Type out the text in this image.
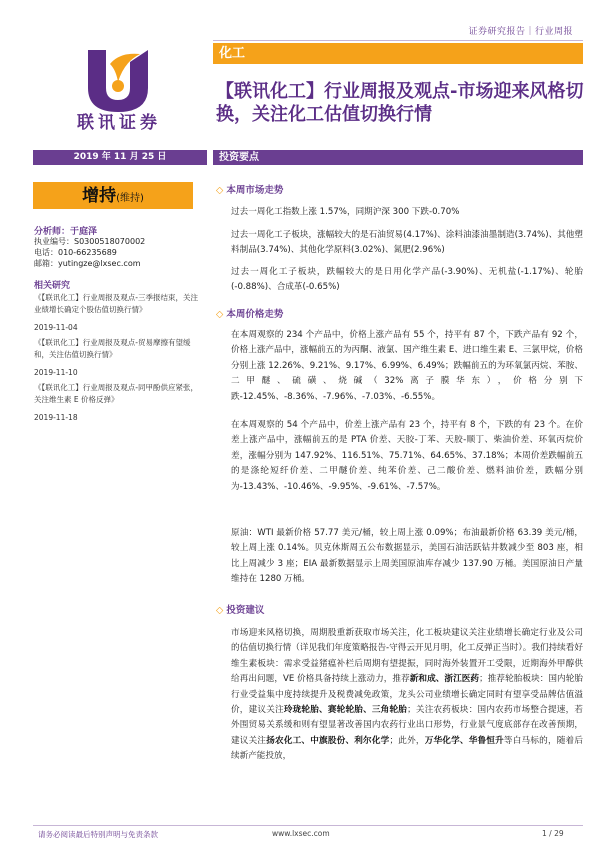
证券研究报告｜行业周报
化工
联讯证券
【联讯化工】行业周报及观点-市场迎来风格切换，关注化工估值切换行情
2019 年 11 月 25 日	投资要点
增持(维持)
分析师：于庭泽
执业编号：S0300518070002
电话：010-66235689
邮箱：yutingze@lxsec.com
相关研究
《【联讯化工】行业周报及观点-三季报结束，关注业绩增长确定个股估值切换行情》
2019-11-04
《【联讯化工】行业周报及观点-贸易摩擦有望缓和，关注估值切换行情》
2019-11-10
《【联讯化工】行业周报及观点-同甲酚供应紧张，关注维生素 E 价格反弹》
2019-11-18
◇ 本周市场走势
过去一周化工指数上涨 1.57%，同期沪深 300 下跌-0.70%
过去一周化工子板块，涨幅较大的是石油贸易(4.17%)、涂料油漆油墨制造(3.74%)、其他塑料制品(3.74%)、其他化学原料(3.02%)、氮肥(2.96%)
过去一周化工子板块，跌幅较大的是日用化学产品(-3.90%)、无机盐(-1.17%)、轮胎(-0.88%)、合成革(-0.65%)
◇ 本周价格走势
在本周观察的 234 个产品中，价格上涨产品有 55 个，持平有 87 个，下跌产品有 92 个，价格上涨产品中，涨幅前五的为丙酮、液氯、国产维生素 E、进口维生素 E、三氯甲烷，价格分别上涨 12.26%、9.21%、9.17%、6.99%、6.49%；跌幅前五的为环氧氯丙烷、苯胺、二甲醚、硫磺、烧碱（32%离子膜华东），价格分别下跌-12.45%、-8.36%、-7.96%、-7.03%、-6.55%。
在本周观察的 54 个产品中，价差上涨产品有 23 个，持平有 8 个，下跌的有 23 个。在价差上涨产品中，涨幅前五的是 PTA 价差、天胶-丁苯、天胶-顺丁、柴油价差、环氧丙烷价差，涨幅分别为 147.92%、116.51%、75.71%、64.65%、37.18%；本周价差跌幅前五的是涤纶短纤价差、二甲醚价差、纯苯价差、己二酸价差、燃料油价差，跌幅分别为-13.43%、-10.46%、-9.95%、-9.61%、-7.57%。
原油：WTI 最新价格 57.77 美元/桶，较上周上涨 0.09%；布油最新价格 63.39 美元/桶，较上周上涨 0.14%。贝克休斯周五公布数据显示，美国石油活跃钻井数减少至 803 座，相比上周减少 3 座；EIA 最新数据显示上周美国原油库存减少 137.90 万桶。美国原油日产量维持在 1280 万桶。
◇ 投资建议
市场迎来风格切换，周期股重新获取市场关注，化工板块建议关注业绩增长确定行业及公司的估值切换行情（详见我们年度策略报告-守得云开见月明，化工反弹正当时）。我们持续看好维生素板块：需求受益猪瘟补栏后周期有望提振，同时海外装置开工受限，近期海外甲醇供给再出问题，VE 价格具备持续上涨动力，推荐新和成、浙江医药；推荐轮胎板块：国内轮胎行业受益集中度持续提升及税费减免政策，龙头公司业绩增长确定同时有望享受品牌估值溢价，建议关注玲珑轮胎、赛轮轮胎、三角轮胎；关注农药板块：国内农药市场整合提速，若外围贸易关系缓和则有望显著改善国内农药行业出口形势，行业景气度底部存在改善预期，建议关注扬农化工、中旗股份、利尔化学；此外，万华化学、华鲁恒升等白马标的，随着后续新产能投放，
请务必阅读最后特别声明与免责条款	www.lxsec.com	1 / 29
